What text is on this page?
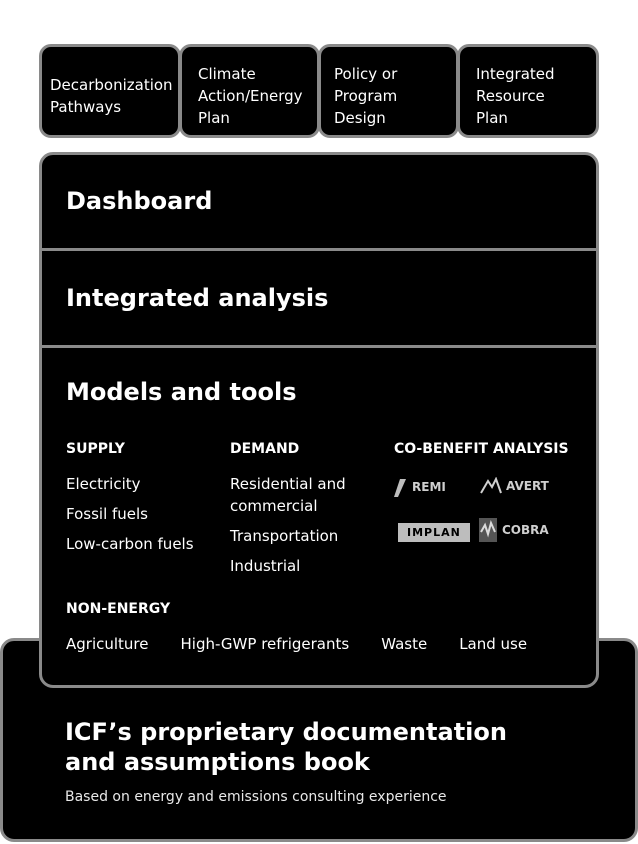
Decarbonization Pathways
Climate Action/Energy Plan
Policy or Program Design
Integrated Resource Plan
ICF’s proprietary documentation and assumptions book
Based on energy and emissions consulting experience
Dashboard
Integrated analysis
Models and tools
SUPPLY
Electricity
Fossil fuels
Low-carbon fuels
DEMAND
Residential and commercial
Transportation
Industrial
CO-BENEFIT ANALYSIS
REMI	AVERT
IMPLAN	COBRA
NON-ENERGY
Agriculture High-GWP refrigerants Waste Land use
